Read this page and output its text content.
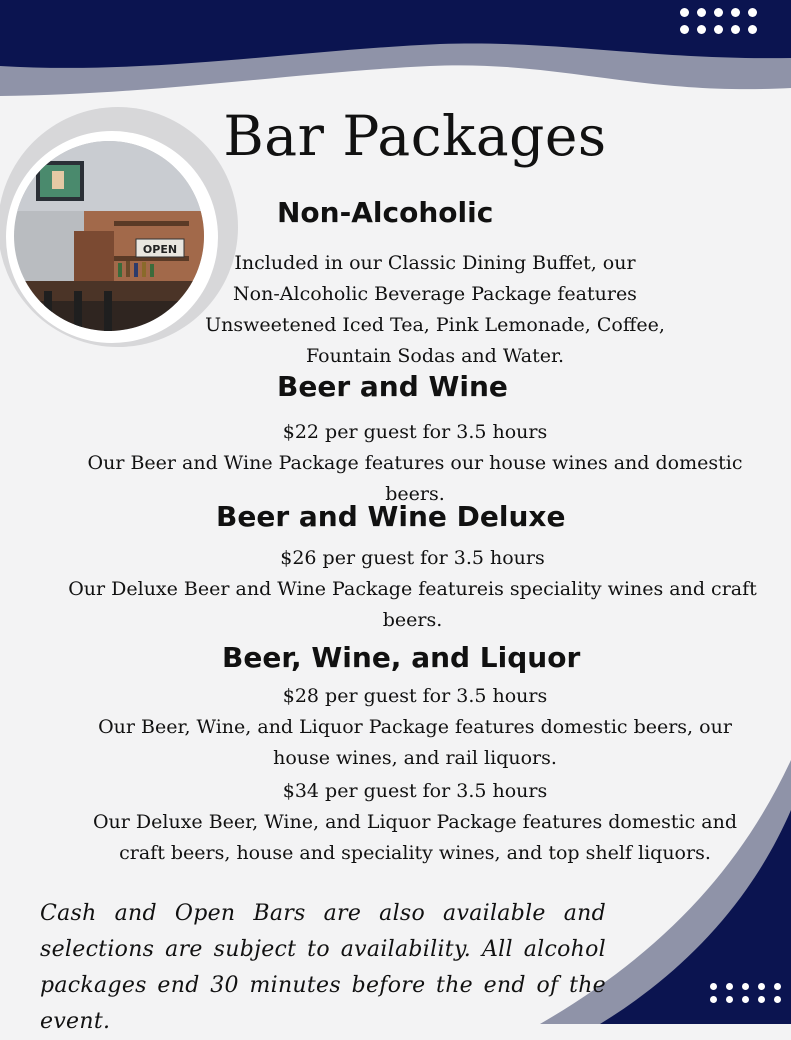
OPEN
Bar Packages
Non-Alcoholic
Included in our Classic Dining Buffet, our
Non-Alcoholic Beverage Package features
Unsweetened Iced Tea, Pink Lemonade, Coffee,
Fountain Sodas and Water.
Beer and Wine
$22 per guest for 3.5 hours
Our Beer and Wine Package features our house wines and domestic beers.
Beer and Wine Deluxe
$26 per guest for 3.5 hours
Our Deluxe Beer and Wine Package featureis speciality wines and craft beers.
Beer, Wine, and Liquor
$28 per guest for 3.5 hours
Our Beer, Wine, and Liquor Package features domestic beers, our house wines, and rail liquors.
$34 per guest for 3.5 hours
Our Deluxe Beer, Wine, and Liquor Package features domestic and craft beers, house and speciality wines, and top shelf liquors.

Cash and Open Bars are also available and selections are subject to availability. All alcohol packages end 30 minutes before the end of the event.
